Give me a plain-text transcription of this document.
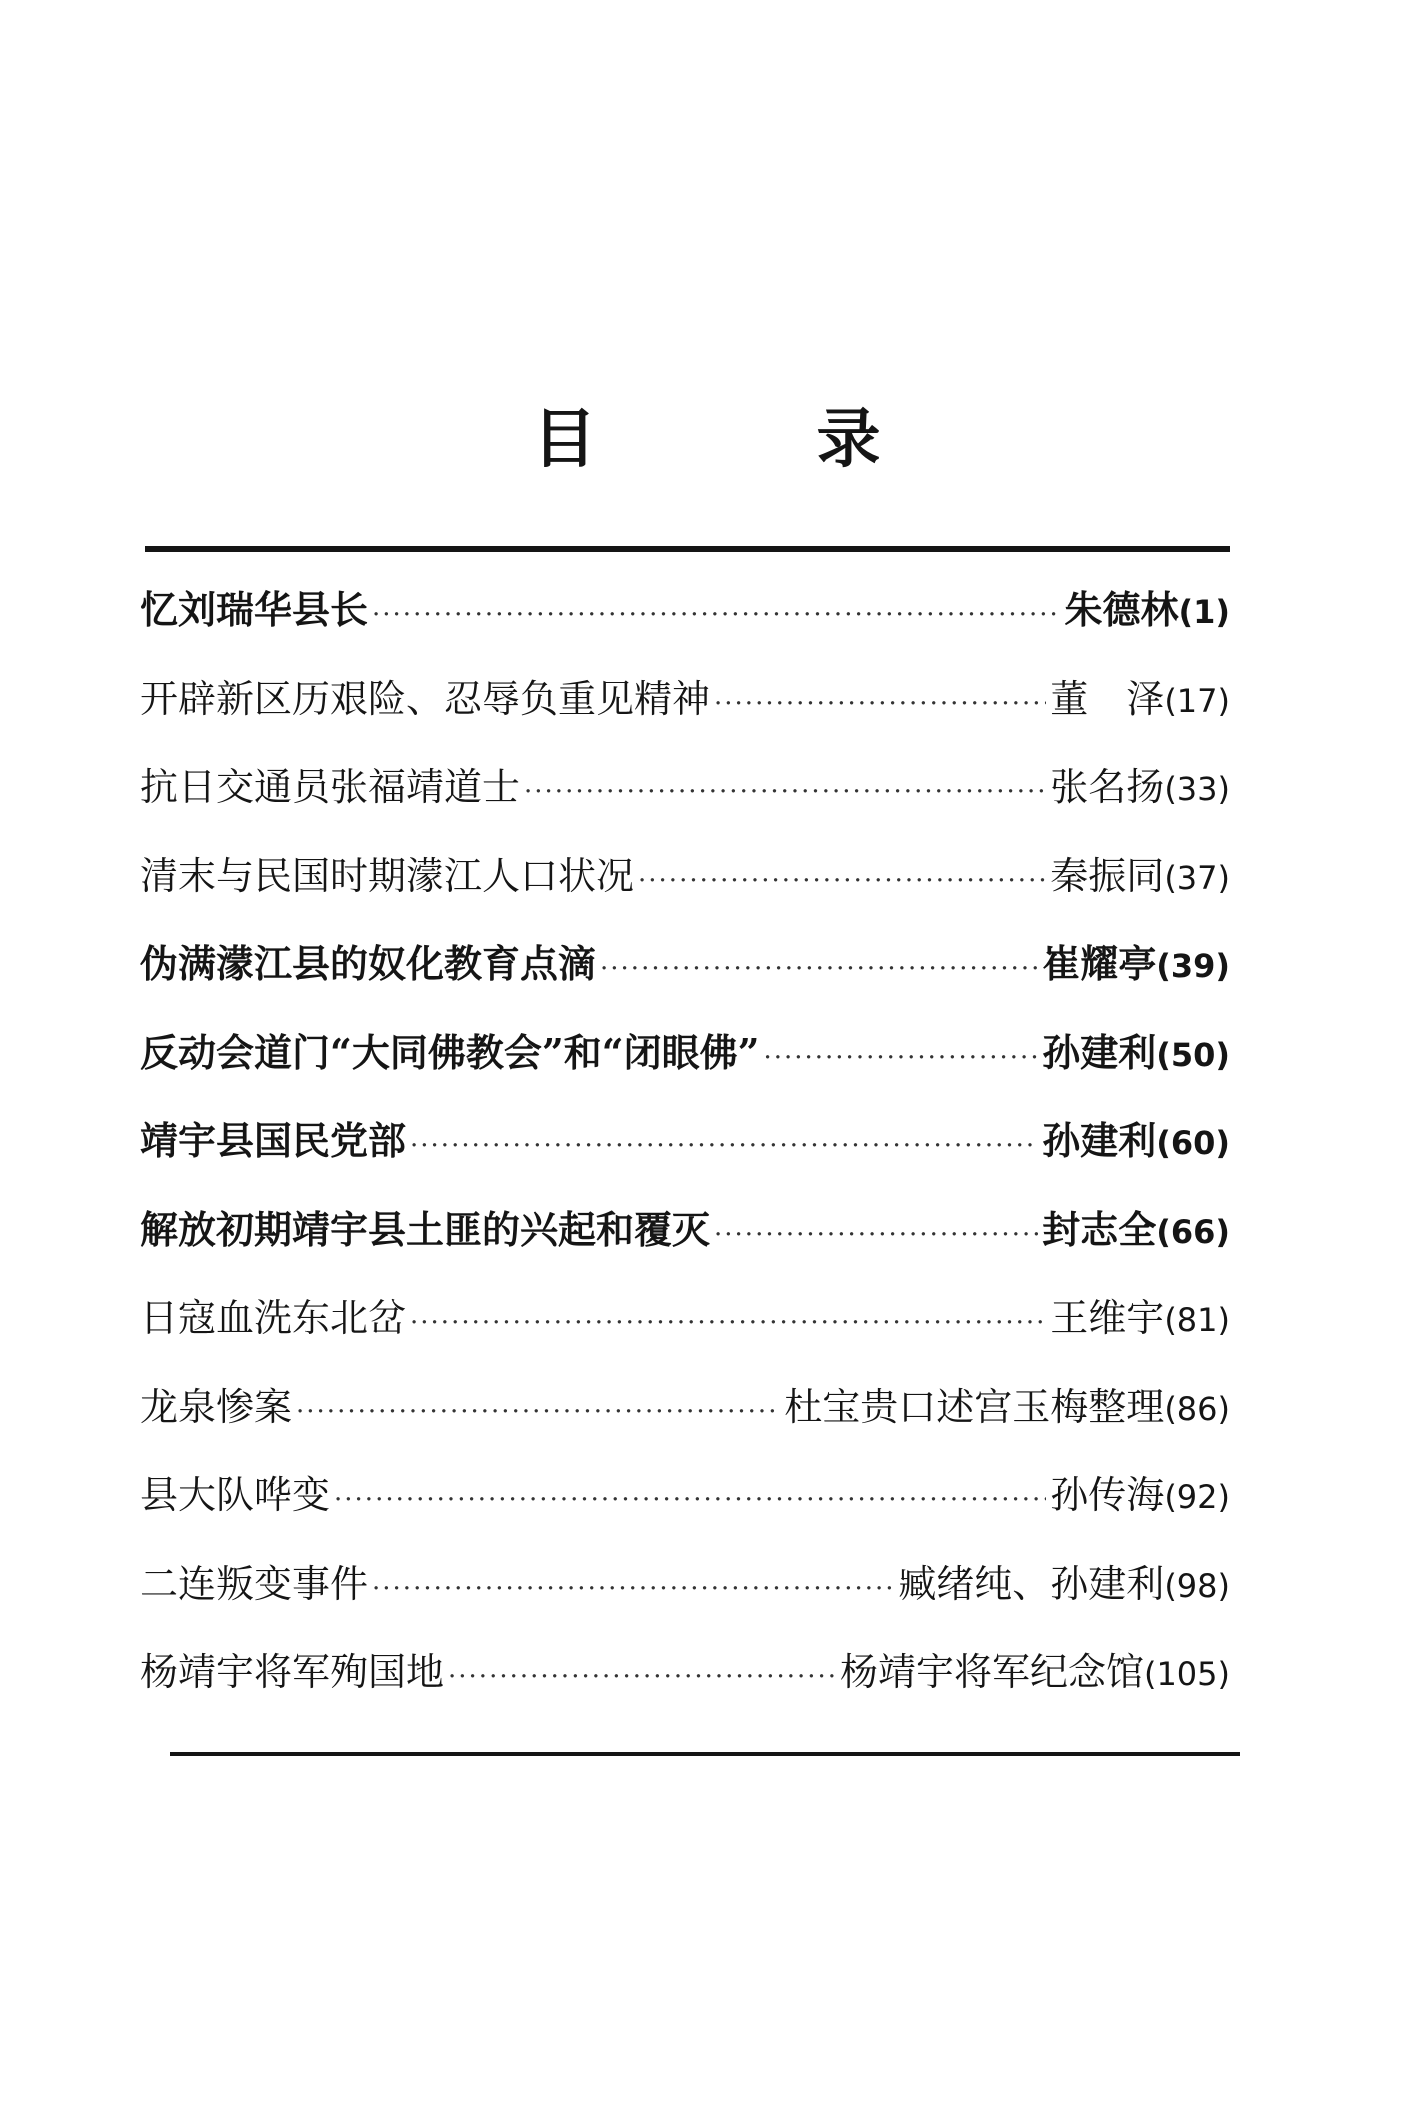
目	录
忆刘瑞华县长 ·····	朱德林 ( 1 )
开辟新区历艰险、忍辱负重见精神 ·····	董　泽 ( 17 )
抗日交通员张福靖道士 ·····	张名扬 ( 33 )
清末与民国时期濛江人口状况 ·····	秦振同 ( 37 )
伪满濛江县的奴化教育点滴 ·····	崔耀亭 ( 39 )
反动会道门“大同佛教会”和“闭眼佛” ·····	孙建利 ( 50 )
靖宇县国民党部 ·····	孙建利 ( 60 )
解放初期靖宇县土匪的兴起和覆灭 ·····	封志全 ( 66 )
日寇血洗东北岔 ·····	王维宇 ( 81 )
龙泉惨案 ·····	杜宝贵口述宫玉梅整理 ( 86 )
县大队哗变 ·····	孙传海 ( 92 )
二连叛变事件 ·····	臧绪纯、孙建利 ( 98 )
杨靖宇将军殉国地 ·····	杨靖宇将军纪念馆 ( 105 )
